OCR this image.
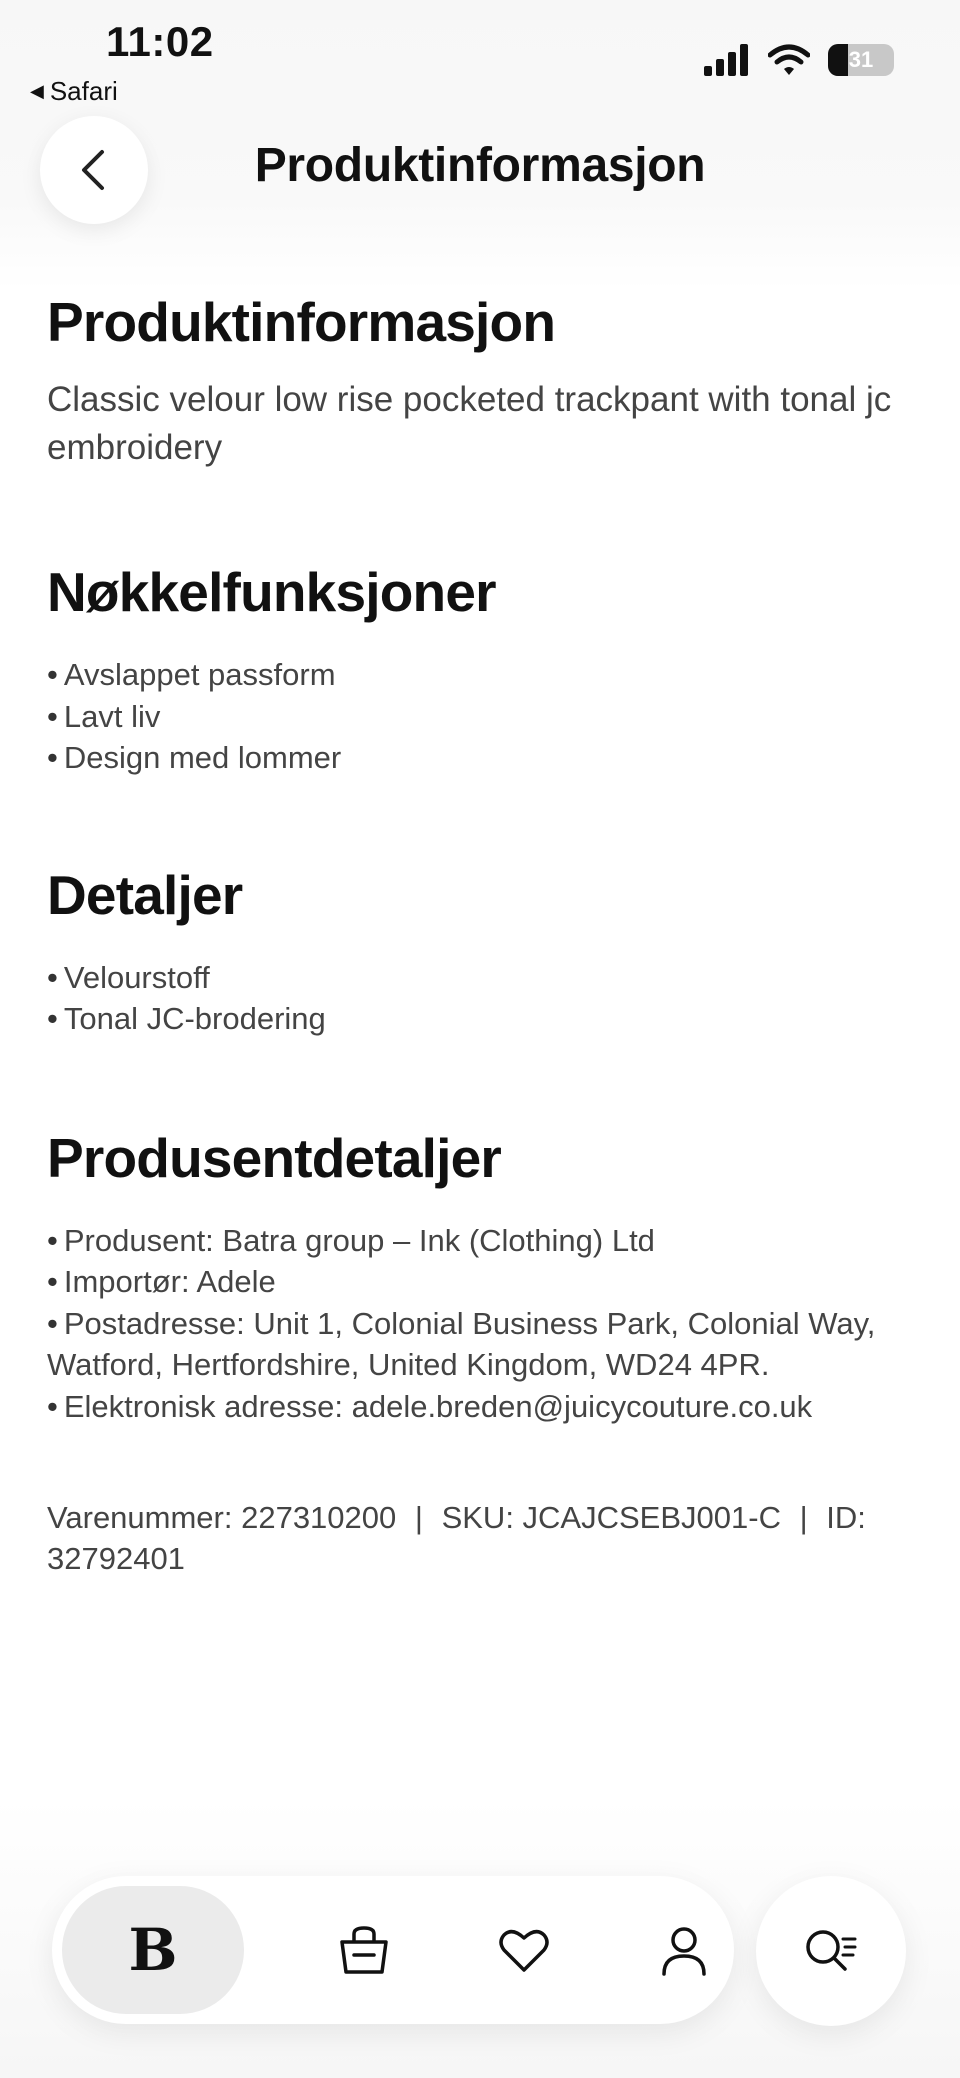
11:02
◀ Safari
31
Produktinformasjon
Produktinformasjon

Classic velour low rise pocketed trackpant with tonal jc embroidery

Nøkkelfunksjoner
• Avslappet passform
• Lavt liv
• Design med lommer
Detaljer
• Velourstoff
• Tonal JC-brodering
Produsentdetaljer
• Produsent: Batra group – Ink (Clothing) Ltd
• Importør: Adele
• Postadresse: Unit 1, Colonial Business Park, Colonial Way, Watford, Hertfordshire, United Kingdom, WD24 4PR.
• Elektronisk adresse: adele.breden@juicycouture.co.uk
Varenummer: 227310200 | SKU: JCAJCSEBJ001-C | ID: 32792401
B
